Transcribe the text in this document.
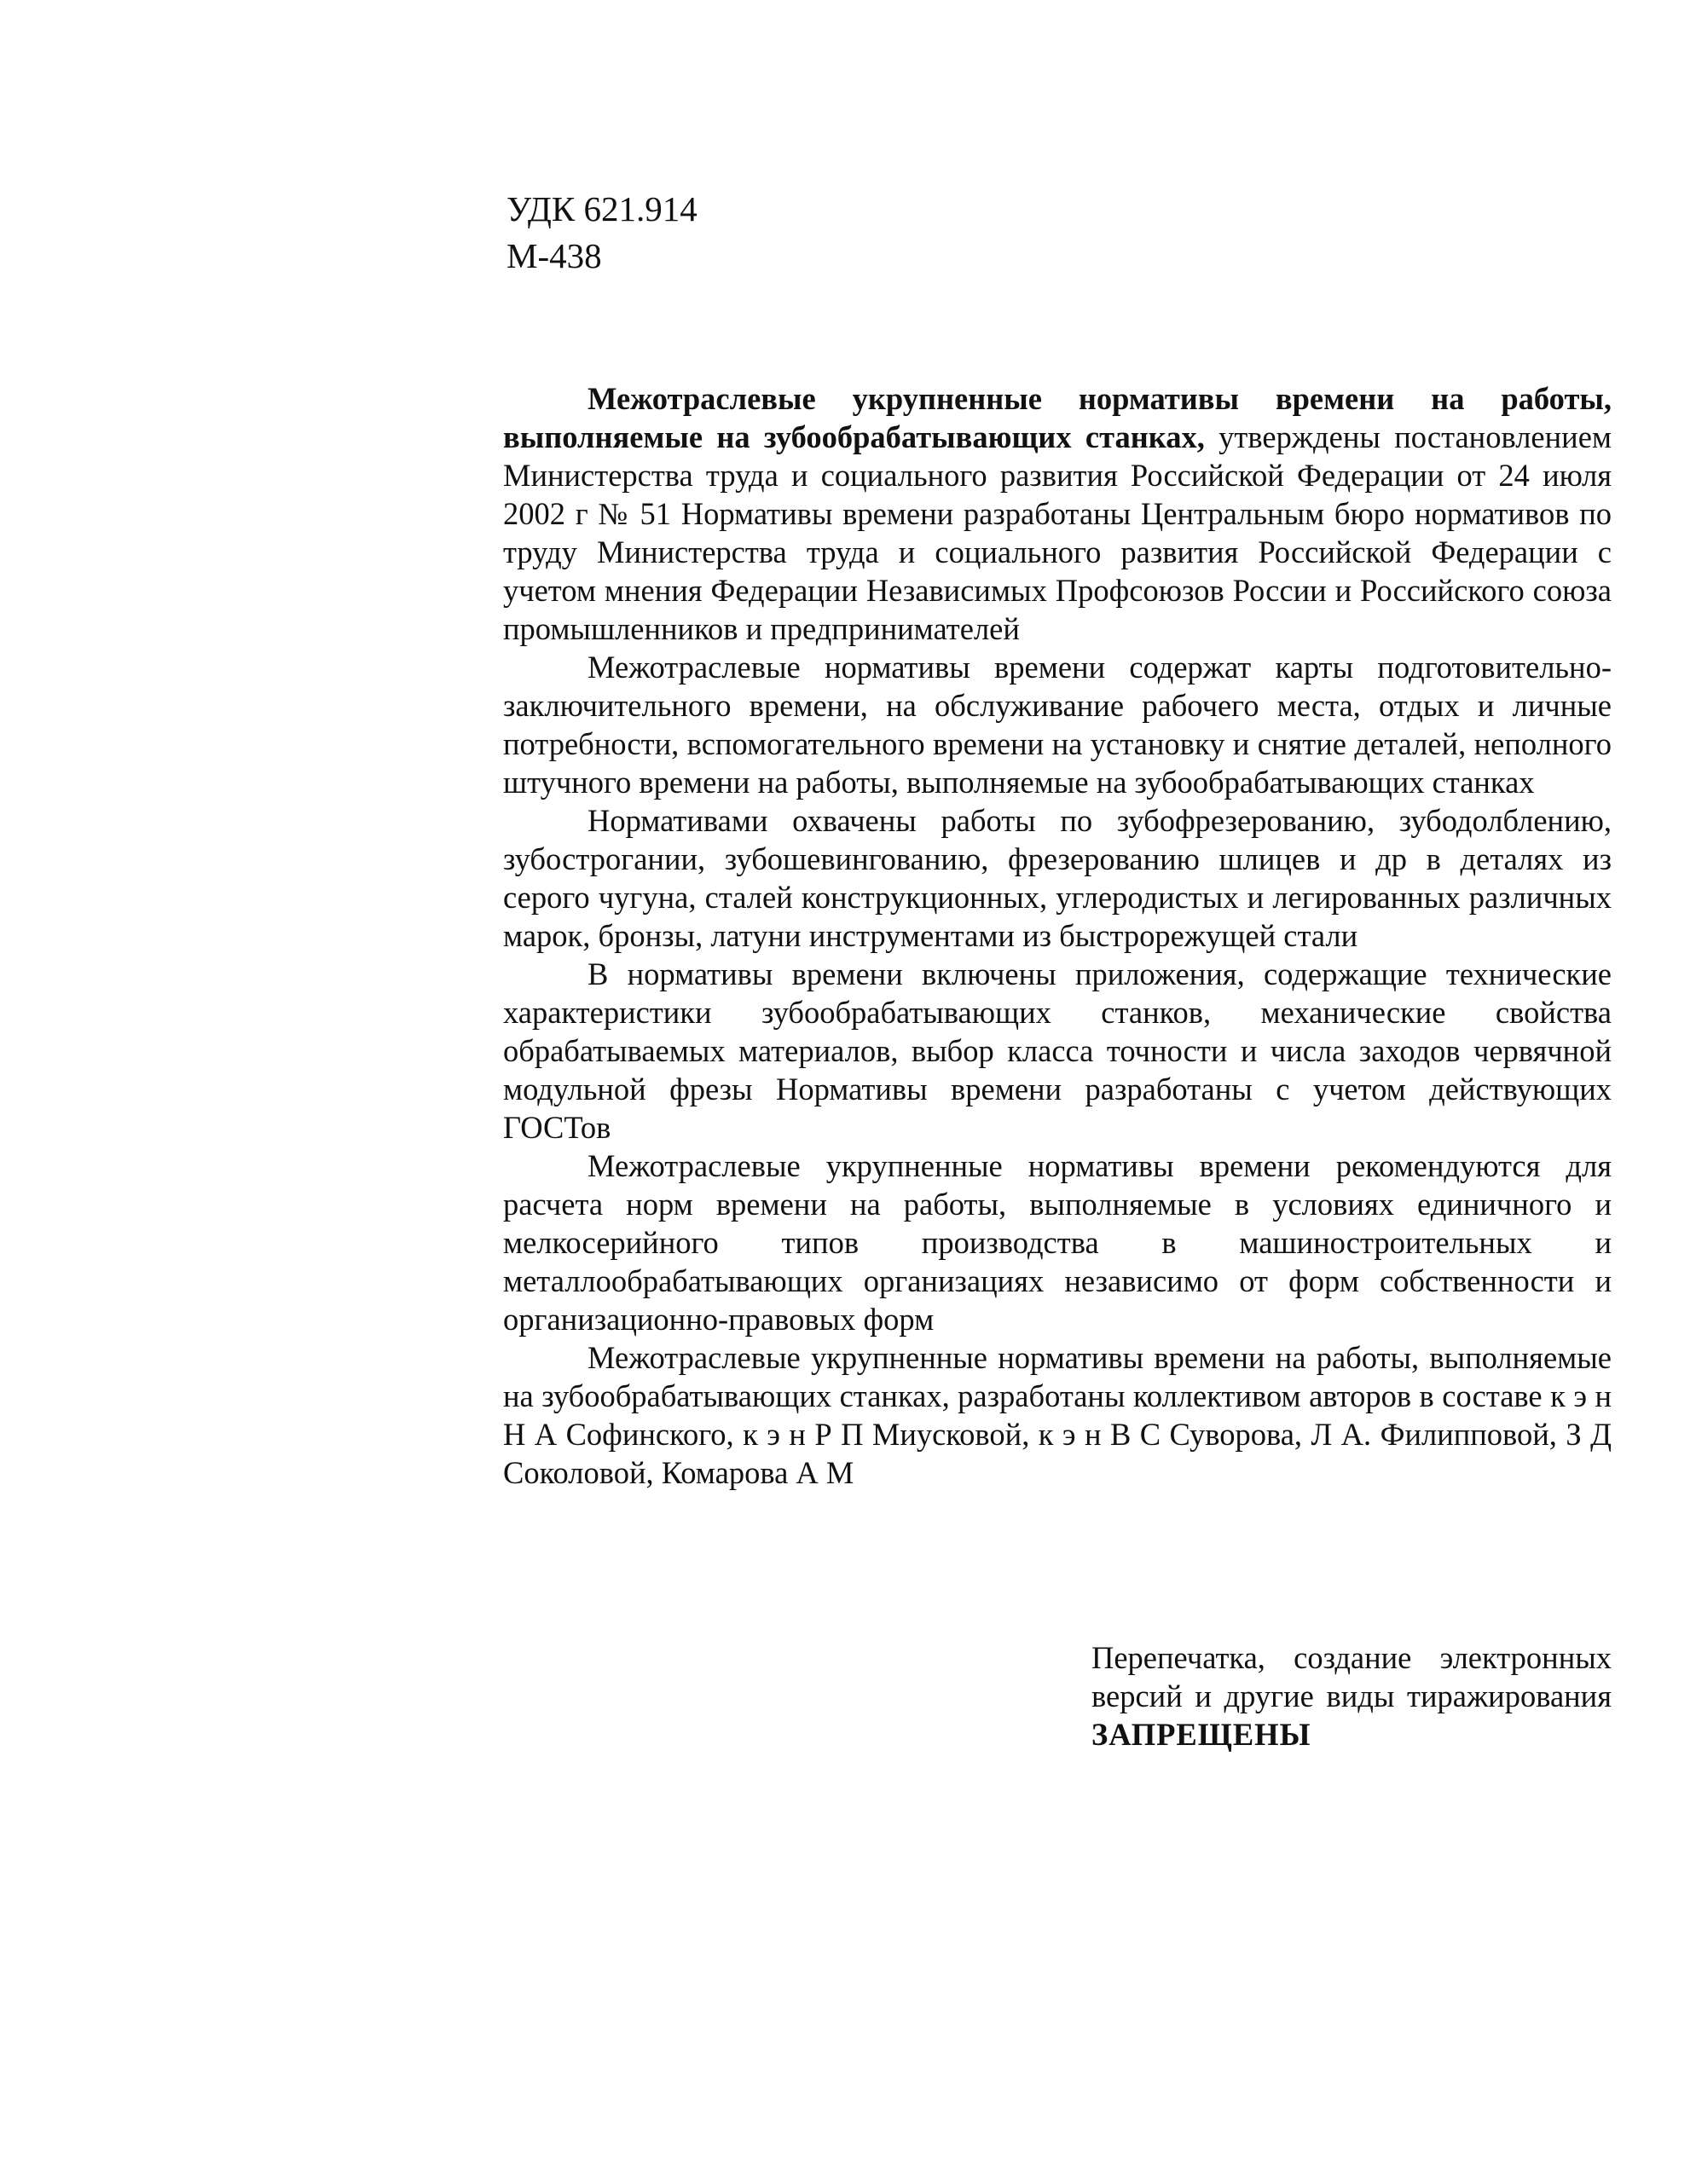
УДК 621.914
М-438

Межотраслевые укрупненные нормативы времени на работы, выполняемые на зубообрабатывающих станках, утверждены постановлением Министерства труда и социального развития Российской Федерации от 24 июля 2002 г № 51 Нормативы времени разработаны Центральным бюро нормативов по труду Министерства труда и социального развития Российской Федерации с учетом мнения Федерации Независимых Профсоюзов России и Российского союза промышленников и предпринимателей

Межотраслевые нормативы времени содержат карты подготовительно-заключительного времени, на обслуживание рабочего места, отдых и личные потребности, вспомогательного времени на установку и снятие деталей, неполного штучного времени на работы, выполняемые на зубообрабатывающих станках

Нормативами охвачены работы по зубофрезерованию, зубодолблению, зубострогании, зубошевингованию, фрезерованию шлицев и др в деталях из серого чугуна, сталей конструкционных, углеродистых и легированных различных марок, бронзы, латуни инструментами из быстрорежущей стали

В нормативы времени включены приложения, содержащие технические характеристики зубообрабатывающих станков, механические свойства обрабатываемых материалов, выбор класса точности и числа заходов червячной модульной фрезы Нормативы времени разработаны с учетом действующих ГОСТов

Межотраслевые укрупненные нормативы времени рекомендуются для расчета норм времени на работы, выполняемые в условиях единичного и мелкосерийного типов производства в машиностроительных и металлообрабатывающих организациях независимо от форм собственности и организационно-правовых форм

Межотраслевые укрупненные нормативы времени на работы, выполняемые на зубообрабатывающих станках, разработаны коллективом авторов в составе к э н Н А Софинского, к э н Р П Миусковой, к э н В С Суворова, Л А. Филипповой, З Д Соколовой, Комарова А М

Перепечатка, создание электронных версий и другие виды тиражирования ЗАПРЕЩЕНЫ
